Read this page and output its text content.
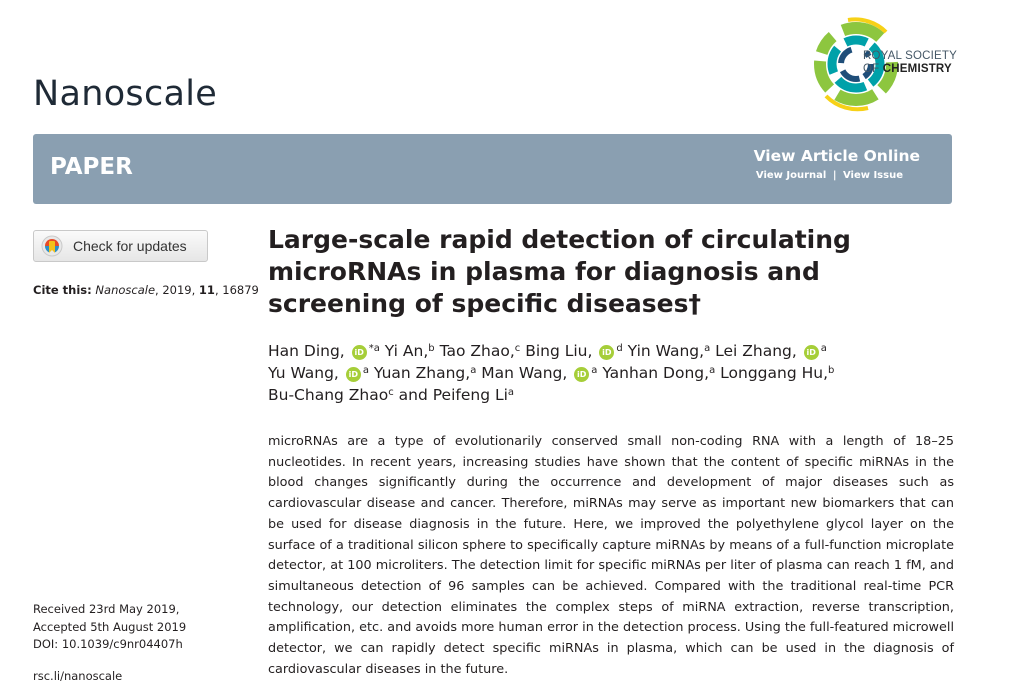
Nanoscale
ROYAL SOCIETY
OF CHEMISTRY
PAPER	View Article Online
View Journal | View Issue
Check for updates
Cite this: Nanoscale, 2019, 11, 16879
Large-scale rapid detection of circulating microRNAs in plasma for diagnosis and screening of specific diseases†
Han Ding, iD $^{*a}$ Yi An,$^b$ Tao Zhao,$^c$ Bing Liu, iD $^d$ Yin Wang,$^a$ Lei Zhang, iD $^a$
Yu Wang, iD $^a$ Yuan Zhang,$^a$ Man Wang, iD $^a$ Yanhan Dong,$^a$ Longgang Hu,$^b$
Bu-Chang Zhao$^c$ and Peifeng Li$^a$

microRNAs are a type of evolutionarily conserved small non-coding RNA with a length of 18–25 nucleotides. In recent years, increasing studies have shown that the content of specific miRNAs in the blood changes significantly during the occurrence and development of major diseases such as cardiovascular disease and cancer. Therefore, miRNAs may serve as important new biomarkers that can be used for disease diagnosis in the future. Here, we improved the polyethylene glycol layer on the surface of a traditional silicon sphere to specifically capture miRNAs by means of a full-function microplate detector, at 100 microliters. The detection limit for specific miRNAs per liter of plasma can reach 1 fM, and simultaneous detection of 96 samples can be achieved. Compared with the traditional real-time PCR technology, our detection eliminates the complex steps of miRNA extraction, reverse transcription, amplification, etc. and avoids more human error in the detection process. Using the full-featured microwell detector, we can rapidly detect specific miRNAs in plasma, which can be used in the diagnosis of cardiovascular diseases in the future.

Received 23rd May 2019,
Accepted 5th August 2019
DOI: 10.1039/c9nr04407h
rsc.li/nanoscale
